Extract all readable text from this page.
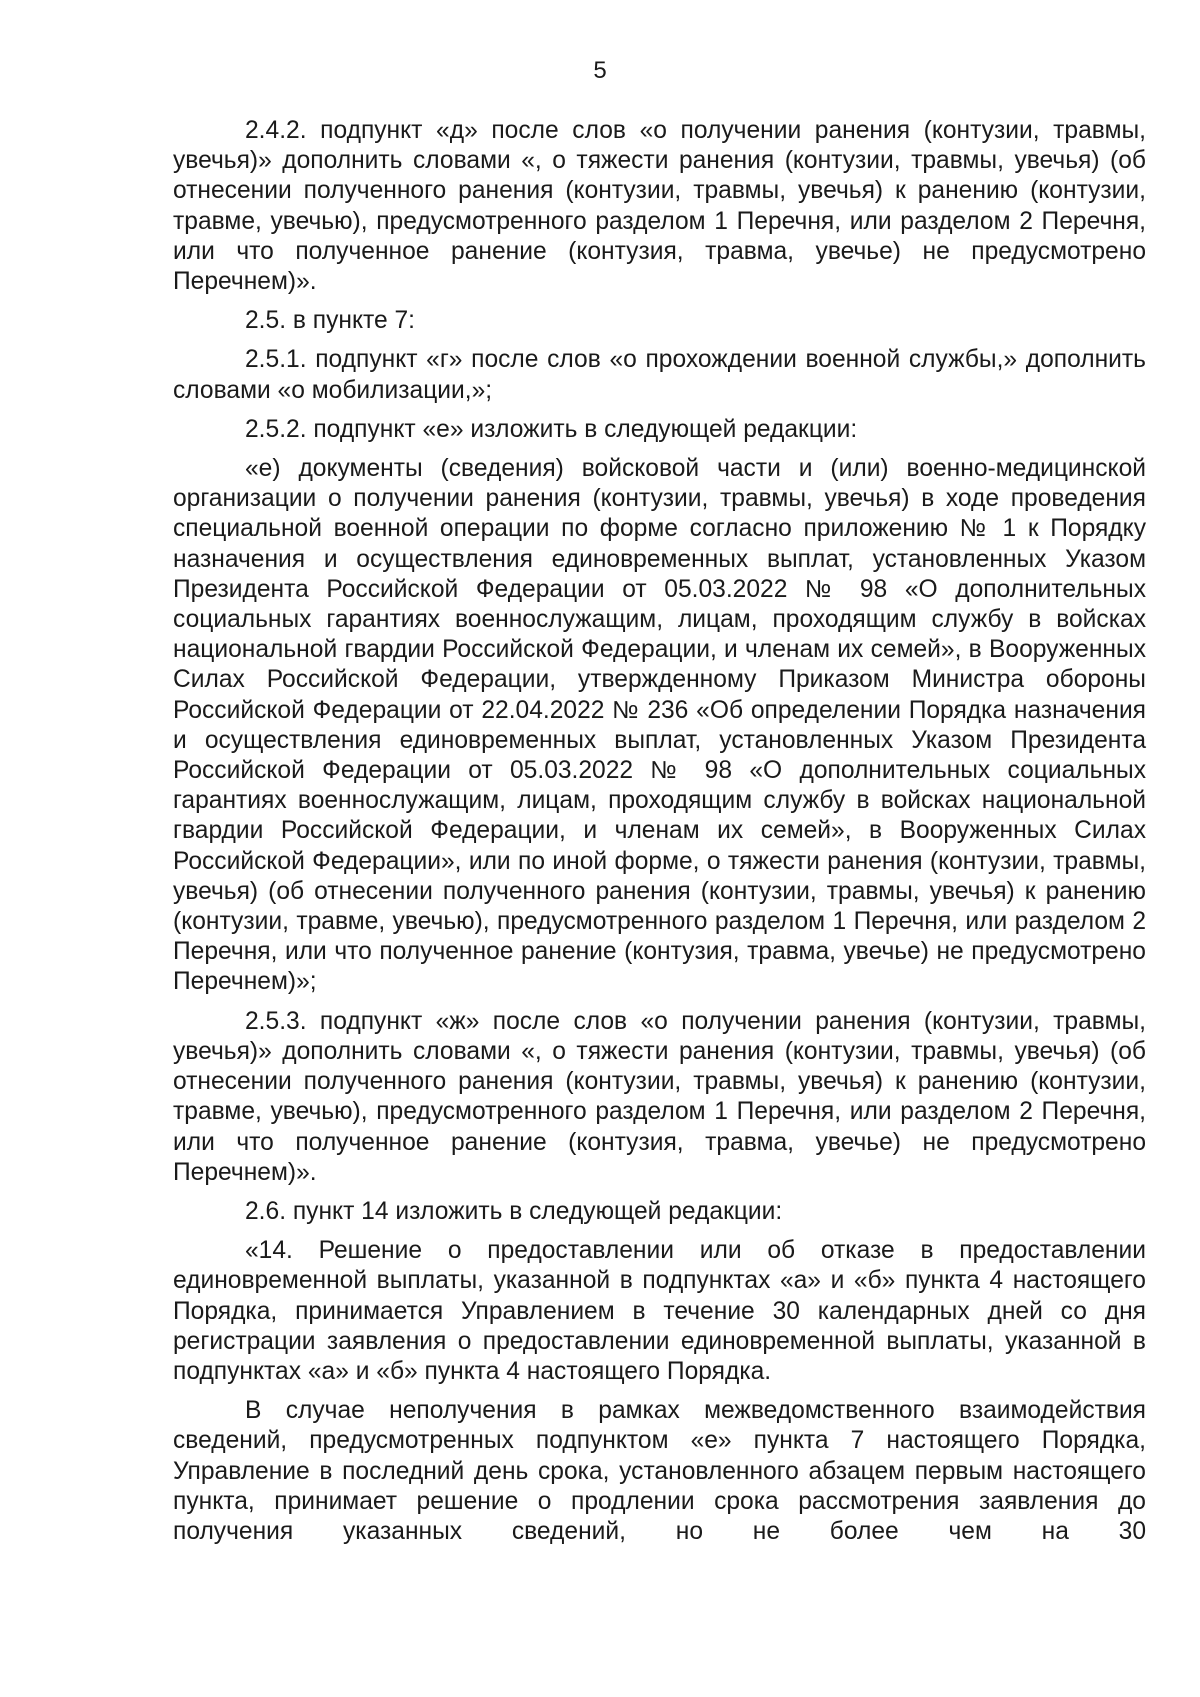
5

2.4.2. подпункт «д» после слов «о получении ранения (контузии, травмы, увечья)» дополнить словами «, о тяжести ранения (контузии, травмы, увечья) (об отнесении полученного ранения (контузии, травмы, увечья) к ранению (контузии, травме, увечью), предусмотренного разделом 1 Перечня, или разделом 2 Перечня, или что полученное ранение (контузия, травма, увечье) не предусмотрено Перечнем)».

2.5. в пункте 7:

2.5.1. подпункт «г» после слов «о прохождении военной службы,» дополнить словами «о мобилизации,»;

2.5.2. подпункт «е» изложить в следующей редакции:

«е) документы (сведения) войсковой части и (или) военно-медицинской организации о получении ранения (контузии, травмы, увечья) в ходе проведения специальной военной операции по форме согласно приложению № 1 к Порядку назначения и осуществления единовременных выплат, установленных Указом Президента Российской Федерации от 05.03.2022 № 98 «О дополнительных социальных гарантиях военнослужащим, лицам, проходящим службу в войсках национальной гвардии Российской Федерации, и членам их семей», в Вооруженных Силах Российской Федерации, утвержденному Приказом Министра обороны Российской Федерации от 22.04.2022 № 236 «Об определении Порядка назначения и осуществления единовременных выплат, установленных Указом Президента Российской Федерации от 05.03.2022 № 98 «О дополнительных социальных гарантиях военнослужащим, лицам, проходящим службу в войсках национальной гвардии Российской Федерации, и членам их семей», в Вооруженных Силах Российской Федерации», или по иной форме, о тяжести ранения (контузии, травмы, увечья) (об отнесении полученного ранения (контузии, травмы, увечья) к ранению (контузии, травме, увечью), предусмотренного разделом 1 Перечня, или разделом 2 Перечня, или что полученное ранение (контузия, травма, увечье) не предусмотрено Перечнем)»;

2.5.3. подпункт «ж» после слов «о получении ранения (контузии, травмы, увечья)» дополнить словами «, о тяжести ранения (контузии, травмы, увечья) (об отнесении полученного ранения (контузии, травмы, увечья) к ранению (контузии, травме, увечью), предусмотренного разделом 1 Перечня, или разделом 2 Перечня, или что полученное ранение (контузия, травма, увечье) не предусмотрено Перечнем)».

2.6. пункт 14 изложить в следующей редакции:

«14. Решение о предоставлении или об отказе в предоставлении единовременной выплаты, указанной в подпунктах «а» и «б» пункта 4 настоящего Порядка, принимается Управлением в течение 30 календарных дней со дня регистрации заявления о предоставлении единовременной выплаты, указанной в подпунктах «а» и «б» пункта 4 настоящего Порядка.

В случае неполучения в рамках межведомственного взаимодействия сведений, предусмотренных подпунктом «е» пункта 7 настоящего Порядка, Управление в последний день срока, установленного абзацем первым настоящего пункта, принимает решение о продлении срока рассмотрения заявления до получения указанных сведений, но не более чем на 30
